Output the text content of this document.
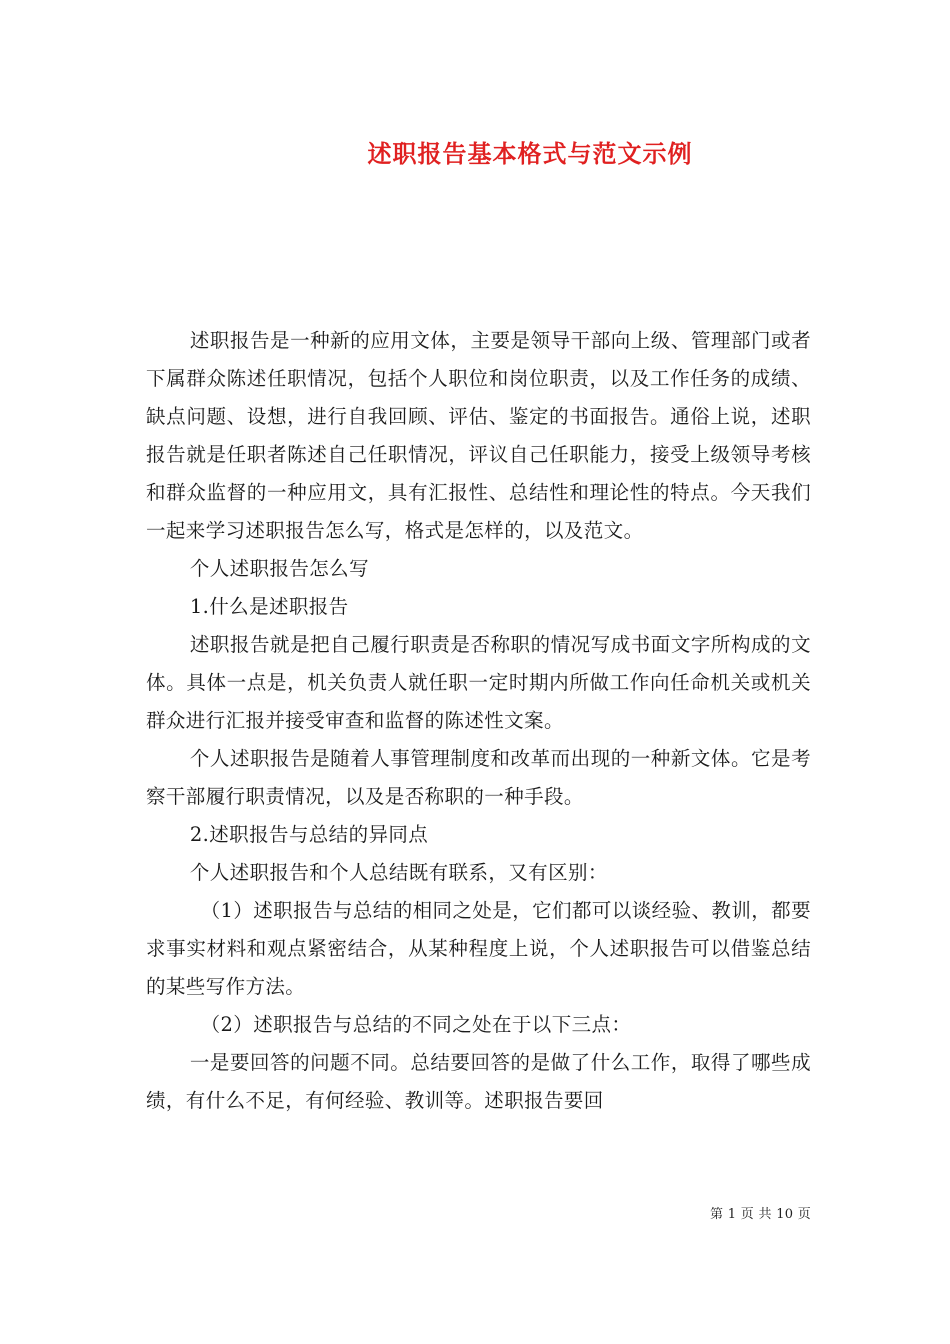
述职报告基本格式与范文示例

述职报告是一种新的应用文体，主要是领导干部向上级、管理部门或者下属群众陈述任职情况，包括个人职位和岗位职责，以及工作任务的成绩、缺点问题、设想，进行自我回顾、评估、鉴定的书面报告。通俗上说，述职报告就是任职者陈述自己任职情况，评议自己任职能力，接受上级领导考核和群众监督的一种应用文，具有汇报性、总结性和理论性的特点。今天我们一起来学习述职报告怎么写，格式是怎样的，以及范文。

个人述职报告怎么写

1.什么是述职报告

述职报告就是把自己履行职责是否称职的情况写成书面文字所构成的文体。具体一点是，机关负责人就任职一定时期内所做工作向任命机关或机关群众进行汇报并接受审查和监督的陈述性文案。

个人述职报告是随着人事管理制度和改革而出现的一种新文体。它是考察干部履行职责情况，以及是否称职的一种手段。

2.述职报告与总结的异同点

个人述职报告和个人总结既有联系，又有区别：

（1）述职报告与总结的相同之处是，它们都可以谈经验、教训，都要求事实材料和观点紧密结合，从某种程度上说，个人述职报告可以借鉴总结的某些写作方法。

（2）述职报告与总结的不同之处在于以下三点：

一是要回答的问题不同。总结要回答的是做了什么工作，取得了哪些成绩，有什么不足，有何经验、教训等。述职报告要回

第 1 页 共 10 页
